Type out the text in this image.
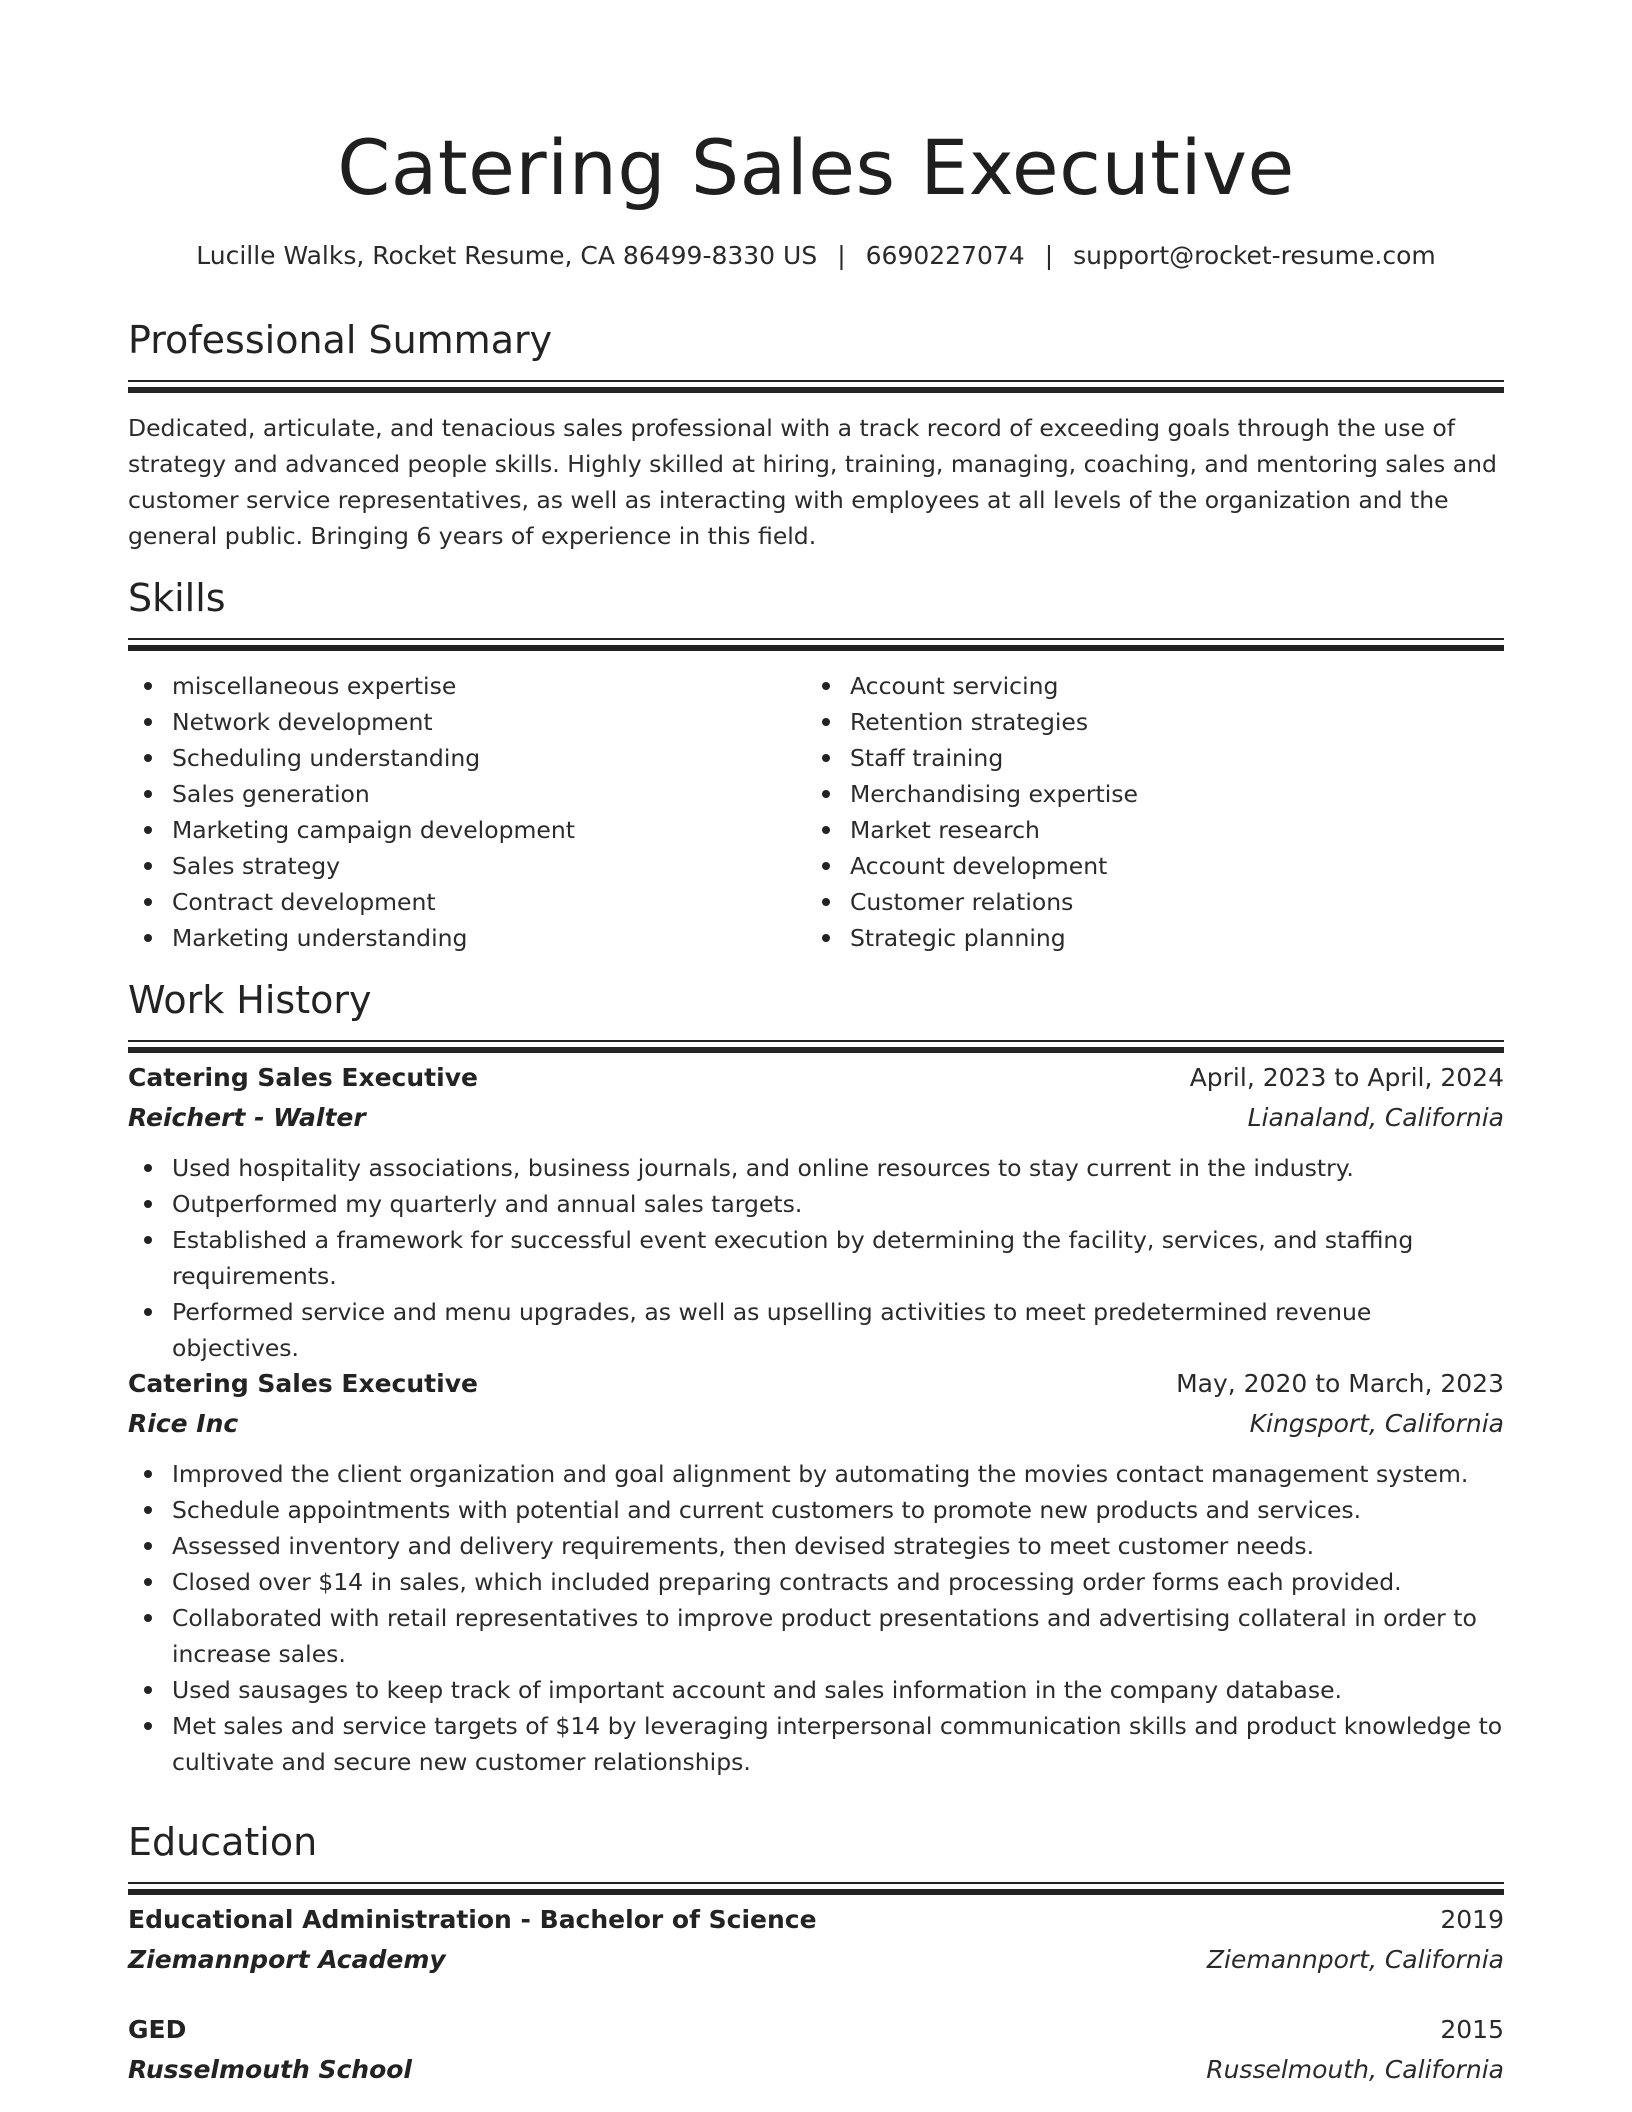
Catering Sales Executive
Lucille Walks, Rocket Resume, CA 86499-8330 US | 6690227074 | support@rocket-resume.com
Professional Summary

Dedicated, articulate, and tenacious sales professional with a track record of exceeding goals through the use of strategy and advanced people skills. Highly skilled at hiring, training, managing, coaching, and mentoring sales and customer service representatives, as well as interacting with employees at all levels of the organization and the general public. Bringing 6 years of experience in this field.

Skills
miscellaneous expertise
Network development
Scheduling understanding
Sales generation
Marketing campaign development
Sales strategy
Contract development
Marketing understanding
Account servicing
Retention strategies
Staff training
Merchandising expertise
Market research
Account development
Customer relations
Strategic planning
Work History
Catering Sales Executive	April, 2023 to April, 2024
Reichert - Walter	Lianaland, California
Used hospitality associations, business journals, and online resources to stay current in the industry.
Outperformed my quarterly and annual sales targets.
Established a framework for successful event execution by determining the facility, services, and staffing requirements.
Performed service and menu upgrades, as well as upselling activities to meet predetermined revenue objectives.
Catering Sales Executive	May, 2020 to March, 2023
Rice Inc	Kingsport, California
Improved the client organization and goal alignment by automating the movies contact management system.
Schedule appointments with potential and current customers to promote new products and services.
Assessed inventory and delivery requirements, then devised strategies to meet customer needs.
Closed over $14 in sales, which included preparing contracts and processing order forms each provided.
Collaborated with retail representatives to improve product presentations and advertising collateral in order to increase sales.
Used sausages to keep track of important account and sales information in the company database.
Met sales and service targets of $14 by leveraging interpersonal communication skills and product knowledge to cultivate and secure new customer relationships.
Education
Educational Administration - Bachelor of Science	2019
Ziemannport Academy	Ziemannport, California
GED	2015
Russelmouth School	Russelmouth, California
